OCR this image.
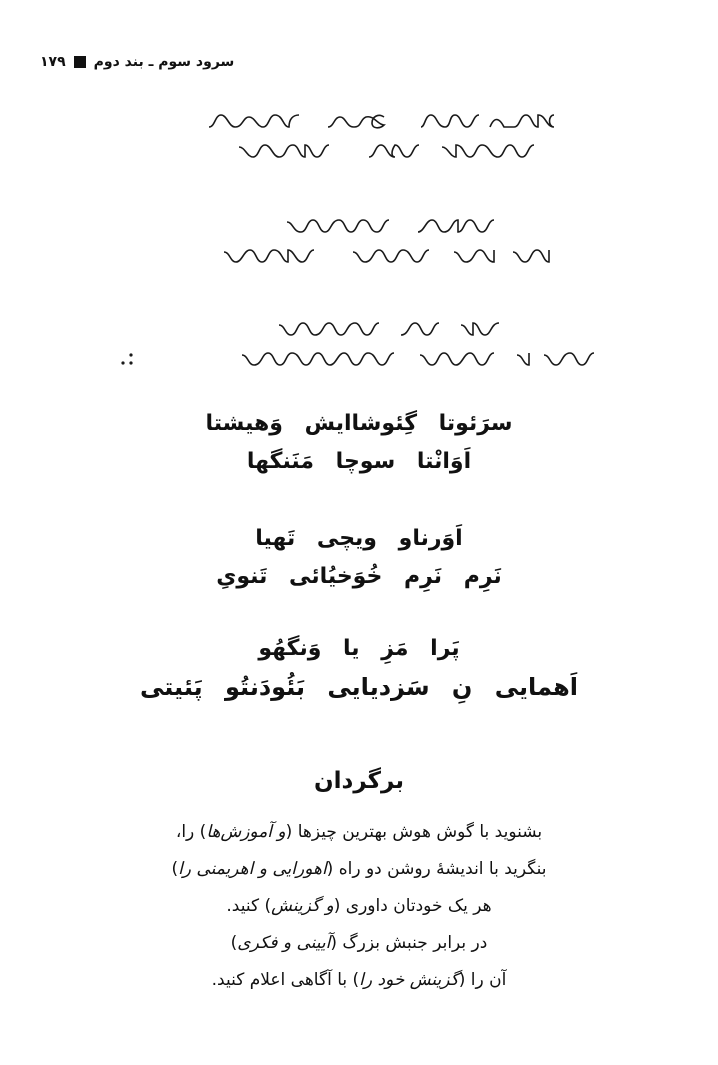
۱۷۹ سرود سوم ـ بند دوم
سرَئوتا گِئوشاایش وَهیشتا
اَوَانْتا سوچا مَنَنگها
اَوَرناو ویچی تَهیا
نَرِم نَرِم خُوَخیُائی تَنویِ
پَرا مَزِ یا وَنگهُو
اَهمایی نِ سَزدیایی بَئُودَنتُو پَئیتی
برگردان
بشنوید با گوش هوش بهترین چیزها (و آموزش‌ها) را،
بنگرید با اندیشهٔ روشن دو راه (اهورایی و اهریمنی را)
هر یک خودتان داوری (و گزینش) کنید.
در برابر جنبش بزرگ (آیینی و فکری)
آن را (گزینش خود را) با آگاهی اعلام کنید.
